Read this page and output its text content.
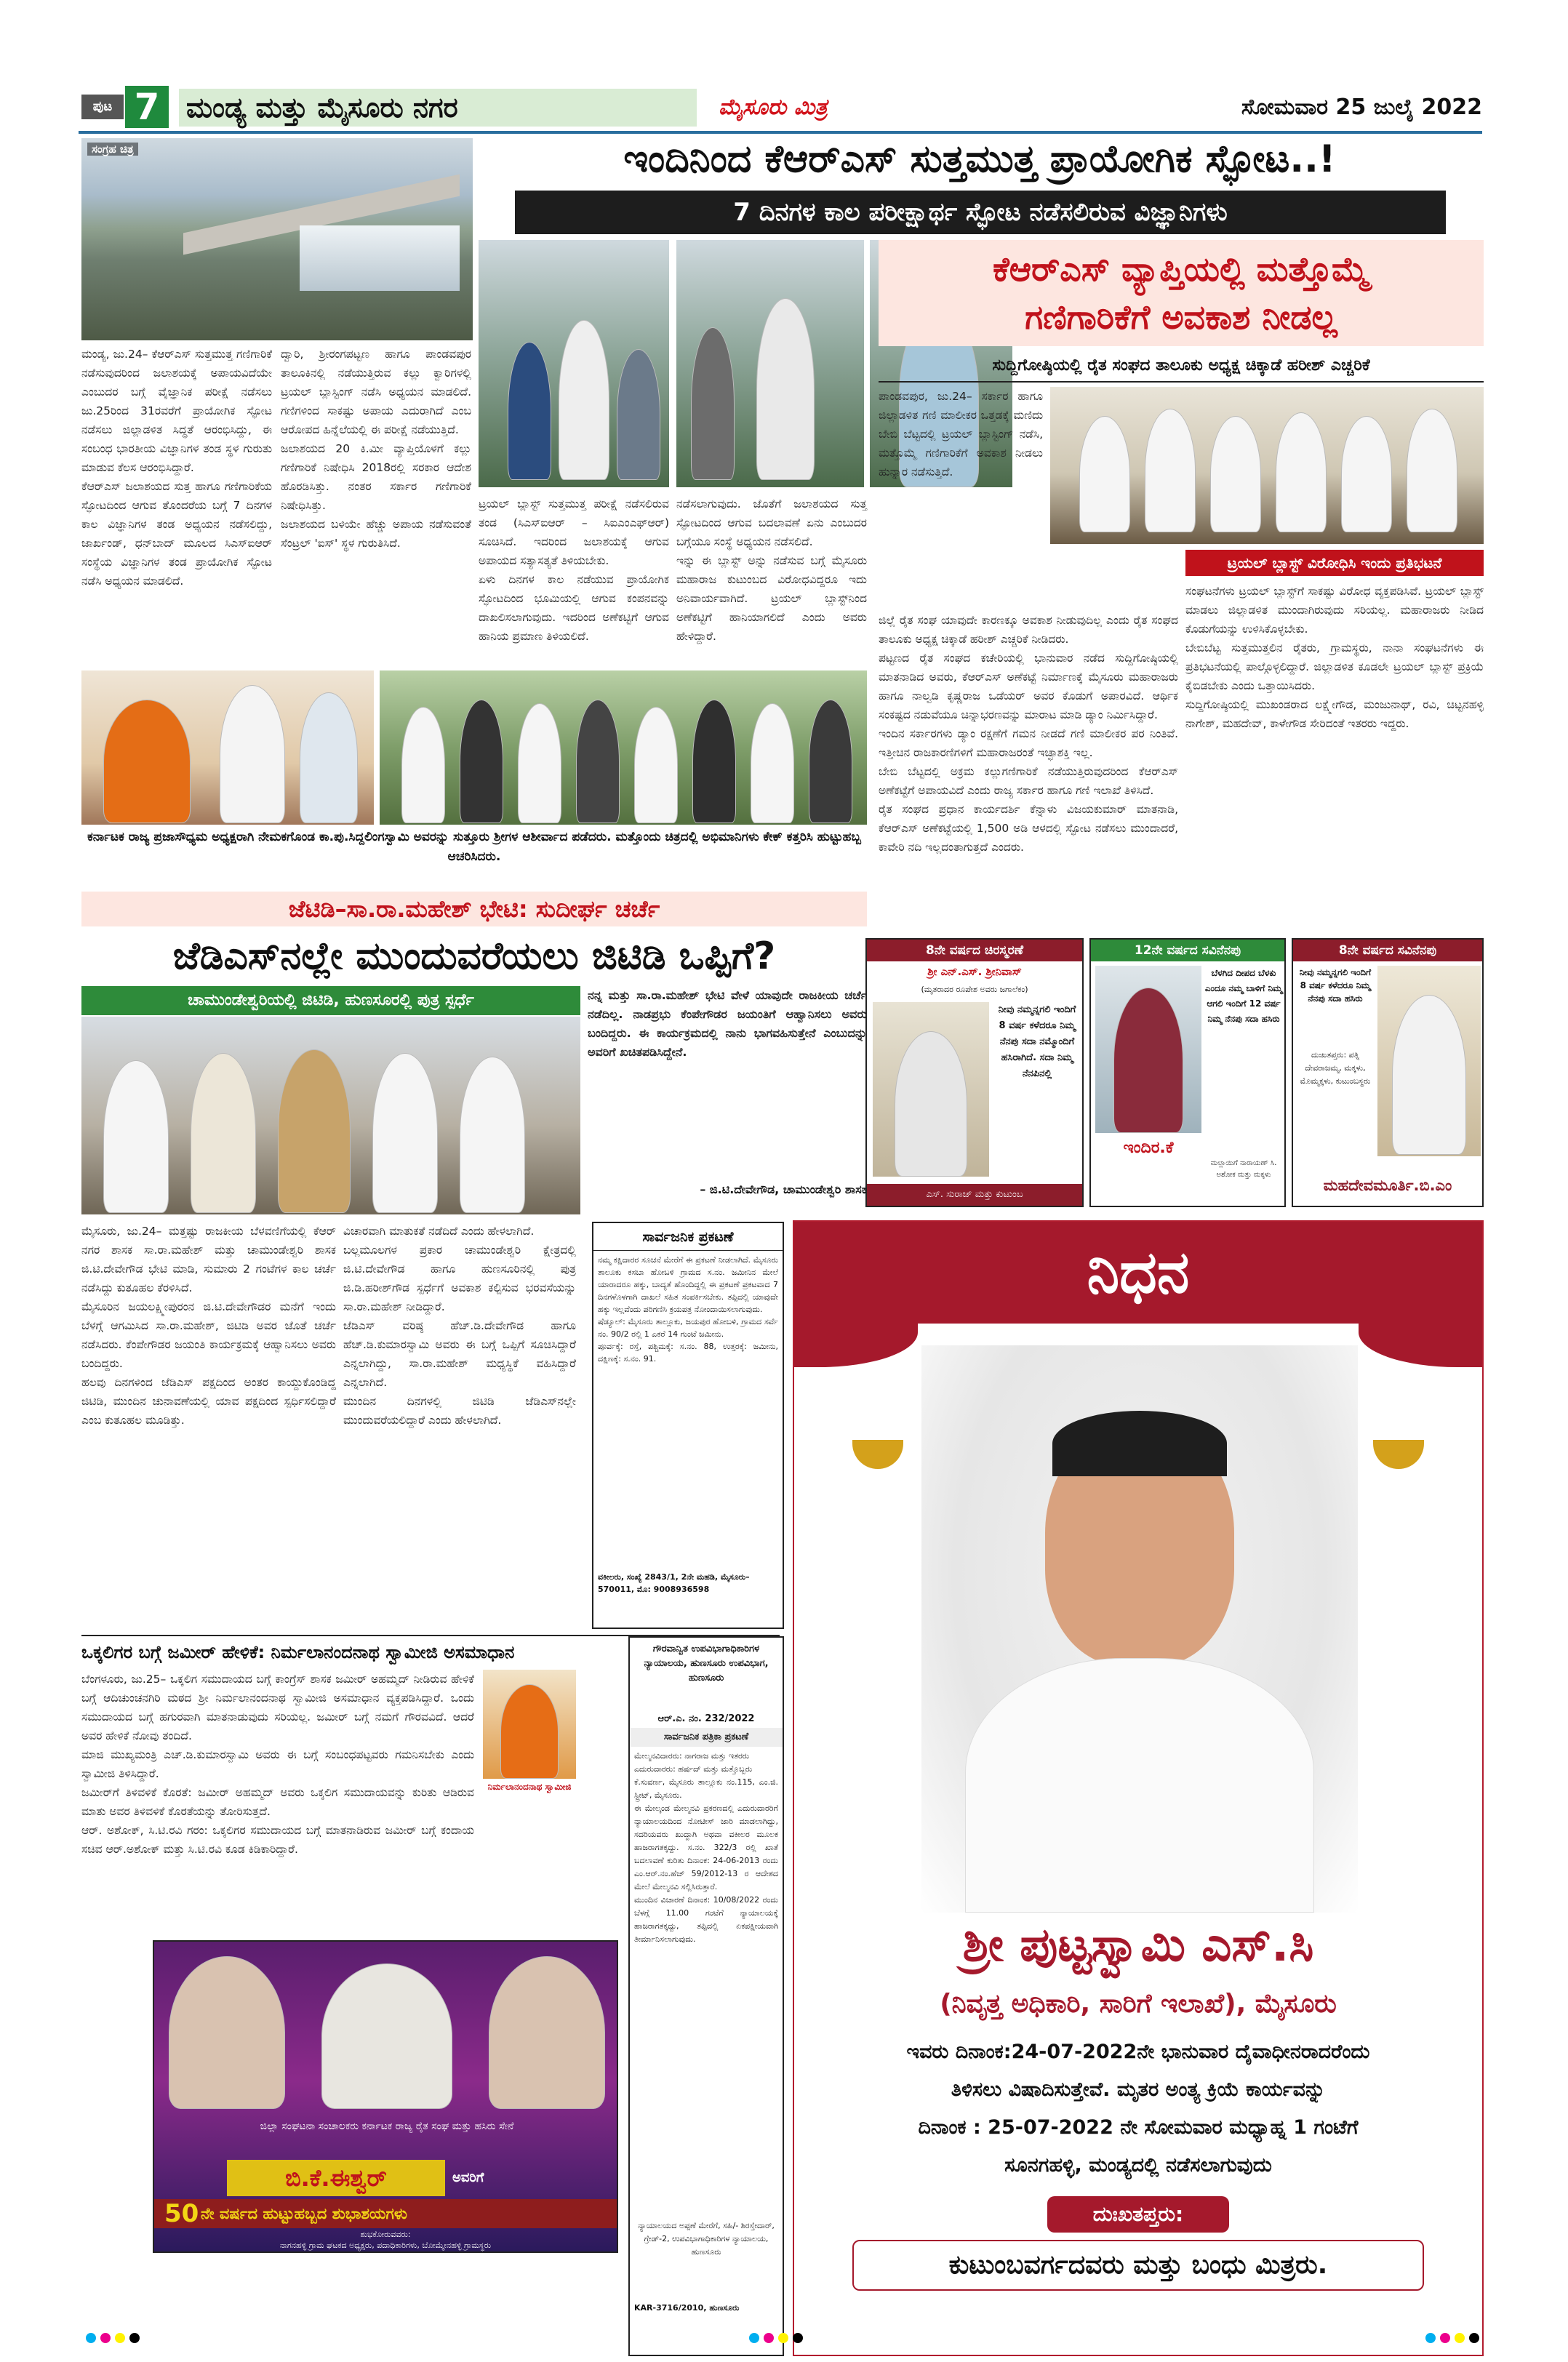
ಪುಟ 7 ಮಂಡ್ಯ ಮತ್ತು ಮೈಸೂರು ನಗರ	ಮೈಸೂರು ಮಿತ್ರ	ಸೋಮವಾರ 25 ಜುಲೈ 2022
ಸಂಗ್ರಹ ಚಿತ್ರ	ಇಂದಿನಿಂದ ಕೆಆರ್‌ಎಸ್ ಸುತ್ತಮುತ್ತ ಪ್ರಾಯೋಗಿಕ ಸ್ಫೋಟ..!
7 ದಿನಗಳ ಕಾಲ ಪರೀಕ್ಷಾರ್ಥ ಸ್ಫೋಟ ನಡೆಸಲಿರುವ ವಿಜ್ಞಾನಿಗಳು
ಮಂಡ್ಯ, ಜು.24– ಕೆಆರ್‌ಎಸ್ ಸುತ್ತಮುತ್ತ ಗಣಿಗಾರಿಕೆ ನಡೆಸುವುದರಿಂದ ಜಲಾಶಯಕ್ಕೆ ಅಪಾಯವಿದೆಯೇ ಎಂಬುದರ ಬಗ್ಗೆ ವೈಜ್ಞಾನಿಕ ಪರೀಕ್ಷೆ ನಡೆಸಲು ಜು.25ರಿಂದ 31ರವರೆಗೆ ಪ್ರಾಯೋಗಿಕ ಸ್ಫೋಟ ನಡೆಸಲು ಜಿಲ್ಲಾಡಳಿತ ಸಿದ್ಧತೆ ಆರಂಭಿಸಿದ್ದು, ಈ ಸಂಬಂಧ ಭಾರತೀಯ ವಿಜ್ಞಾನಿಗಳ ತಂಡ ಸ್ಥಳ ಗುರುತು ಮಾಡುವ ಕೆಲಸ ಆರಂಭಿಸಿದ್ದಾರೆ.
ಕೆಆರ್‌ಎಸ್ ಜಲಾಶಯದ ಸುತ್ತ ಹಾಗೂ ಗಣಿಗಾರಿಕೆಯ ಸ್ಫೋಟದಿಂದ ಆಗುವ ತೊಂದರೆಯ ಬಗ್ಗೆ 7 ದಿನಗಳ ಕಾಲ ವಿಜ್ಞಾನಿಗಳ ತಂಡ ಅಧ್ಯಯನ ನಡೆಸಲಿದ್ದು, ಜಾರ್ಖಂಡ್, ಧನ್‌ಬಾದ್ ಮೂಲದ ಸಿಎಸ್‌ಐಆರ್ ಸಂಸ್ಥೆಯ ವಿಜ್ಞಾನಿಗಳ ತಂಡ ಪ್ರಾಯೋಗಿಕ ಸ್ಫೋಟ ನಡೆಸಿ ಅಧ್ಯಯನ ಮಾಡಲಿದೆ.
ದ್ವಾರಿ, ಶ್ರೀರಂಗಪಟ್ಟಣ ಹಾಗೂ ಪಾಂಡವಪುರ ತಾಲೂಕಿನಲ್ಲಿ ನಡೆಯುತ್ತಿರುವ ಕಲ್ಲು ಕ್ವಾರಿಗಳಲ್ಲಿ ಟ್ರಯಲ್ ಬ್ಲಾಸ್ಟಿಂಗ್ ನಡೆಸಿ ಅಧ್ಯಯನ ಮಾಡಲಿದೆ. ಗಣಿಗಳಿಂದ ಸಾಕಷ್ಟು ಅಪಾಯ ಎದುರಾಗಿದೆ ಎಂಬ ಆರೋಪದ ಹಿನ್ನೆಲೆಯಲ್ಲಿ ಈ ಪರೀಕ್ಷೆ ನಡೆಯುತ್ತಿದೆ.
ಜಲಾಶಯದ 20 ಕಿ.ಮೀ ವ್ಯಾಪ್ತಿಯೊಳಗೆ ಕಲ್ಲು ಗಣಿಗಾರಿಕೆ ನಿಷೇಧಿಸಿ 2018ರಲ್ಲಿ ಸರಕಾರ ಆದೇಶ ಹೊರಡಿಸಿತ್ತು. ನಂತರ ಸರ್ಕಾರ ಗಣಿಗಾರಿಕೆ ನಿಷೇಧಿಸಿತ್ತು.
ಜಲಾಶಯದ ಬಳಿಯೇ ಹೆಚ್ಚು ಅಪಾಯ ನಡೆಸುವಂತೆ ಸೆಂಟ್ರಲ್ 'ಐಸ್' ಸ್ಥಳ ಗುರುತಿಸಿದೆ.
ಟ್ರಯಲ್ ಬ್ಲಾಸ್ಟ್ ಸುತ್ತಮುತ್ತ ಪರೀಕ್ಷೆ ನಡೆಸಲಿರುವ ತಂಡ (ಸಿಎಸ್‌ಐಆರ್ – ಸಿಐಎಂಎಫ್‌ಆರ್) ಸೂಚಿಸಿದೆ. ಇದರಿಂದ ಜಲಾಶಯಕ್ಕೆ ಆಗುವ ಅಪಾಯದ ಸತ್ಯಾಸತ್ಯತೆ ತಿಳಿಯಬೇಕು.
ಏಳು ದಿನಗಳ ಕಾಲ ನಡೆಯುವ ಪ್ರಾಯೋಗಿಕ ಸ್ಫೋಟದಿಂದ ಭೂಮಿಯಲ್ಲಿ ಆಗುವ ಕಂಪನವನ್ನು ದಾಖಲಿಸಲಾಗುವುದು. ಇದರಿಂದ ಅಣೆಕಟ್ಟಿಗೆ ಆಗುವ ಹಾನಿಯ ಪ್ರಮಾಣ ತಿಳಿಯಲಿದೆ.
ನಡೆಸಲಾಗುವುದು. ಜೊತೆಗೆ ಜಲಾಶಯದ ಸುತ್ತ ಸ್ಫೋಟದಿಂದ ಆಗುವ ಬದಲಾವಣೆ ಏನು ಎಂಬುದರ ಬಗ್ಗೆಯೂ ಸಂಸ್ಥೆ ಅಧ್ಯಯನ ನಡೆಸಲಿದೆ.
ಇನ್ನು ಈ ಬ್ಲಾಸ್ಟ್ ಅನ್ನು ನಡೆಸುವ ಬಗ್ಗೆ ಮೈಸೂರು ಮಹಾರಾಜ ಕುಟುಂಬದ ವಿರೋಧವಿದ್ದರೂ ಇದು ಅನಿವಾರ್ಯವಾಗಿದೆ. ಟ್ರಯಲ್ ಬ್ಲಾಸ್ಟ್‌ನಿಂದ ಅಣೆಕಟ್ಟಿಗೆ ಹಾನಿಯಾಗಲಿದೆ ಎಂದು ಅವರು ಹೇಳಿದ್ದಾರೆ.
ಕೆಆರ್‌ಎಸ್ ವ್ಯಾಪ್ತಿಯಲ್ಲಿ ಮತ್ತೊಮ್ಮೆ
ಗಣಿಗಾರಿಕೆಗೆ ಅವಕಾಶ ನೀಡಲ್ಲ
ಸುದ್ದಿಗೋಷ್ಠಿಯಲ್ಲಿ ರೈತ ಸಂಘದ ತಾಲೂಕು ಅಧ್ಯಕ್ಷ ಚಿಕ್ಕಾಡೆ ಹರೀಶ್ ಎಚ್ಚರಿಕೆ
ಪಾಂಡವಪುರ, ಜು.24– ಸರ್ಕಾರ ಹಾಗೂ ಜಿಲ್ಲಾಡಳಿತ ಗಣಿ ಮಾಲೀಕರ ಒತ್ತಡಕ್ಕೆ ಮಣಿದು ಬೇಬಿ ಬೆಟ್ಟದಲ್ಲಿ ಟ್ರಯಲ್ ಬ್ಲಾಸ್ಟಿಂಗ್ ನಡೆಸಿ, ಮತ್ತೊಮ್ಮೆ ಗಣಿಗಾರಿಕೆಗೆ ಅವಕಾಶ ನೀಡಲು ಹುನ್ನಾರ ನಡೆಸುತ್ತಿದೆ.
ಟ್ರಯಲ್ ಬ್ಲಾಸ್ಟ್ ವಿರೋಧಿಸಿ ಇಂದು ಪ್ರತಿಭಟನೆ
ಜಿಲ್ಲೆ ರೈತ ಸಂಘ ಯಾವುದೇ ಕಾರಣಕ್ಕೂ ಅವಕಾಶ ನೀಡುವುದಿಲ್ಲ ಎಂದು ರೈತ ಸಂಘದ ತಾಲೂಕು ಅಧ್ಯಕ್ಷ ಚಿಕ್ಕಾಡೆ ಹರೀಶ್ ಎಚ್ಚರಿಕೆ ನೀಡಿದರು.
ಪಟ್ಟಣದ ರೈತ ಸಂಘದ ಕಚೇರಿಯಲ್ಲಿ ಭಾನುವಾರ ನಡೆದ ಸುದ್ದಿಗೋಷ್ಠಿಯಲ್ಲಿ ಮಾತನಾಡಿದ ಅವರು, ಕೆಆರ್‌ಎಸ್ ಅಣೆಕಟ್ಟೆ ನಿರ್ಮಾಣಕ್ಕೆ ಮೈಸೂರು ಮಹಾರಾಜರು ಹಾಗೂ ನಾಲ್ವಡಿ ಕೃಷ್ಣರಾಜ ಒಡೆಯರ್ ಅವರ ಕೊಡುಗೆ ಅಪಾರವಿದೆ. ಆರ್ಥಿಕ ಸಂಕಷ್ಟದ ನಡುವೆಯೂ ಚಿನ್ನಾಭರಣವನ್ನು ಮಾರಾಟ ಮಾಡಿ ಡ್ಯಾಂ ನಿರ್ಮಿಸಿದ್ದಾರೆ.
ಇಂದಿನ ಸರ್ಕಾರಗಳು ಡ್ಯಾಂ ರಕ್ಷಣೆಗೆ ಗಮನ ನೀಡದೆ ಗಣಿ ಮಾಲೀಕರ ಪರ ನಿಂತಿವೆ. ಇತ್ತೀಚಿನ ರಾಜಕಾರಣಿಗಳಿಗೆ ಮಹಾರಾಜರಂತೆ ಇಚ್ಛಾಶಕ್ತಿ ಇಲ್ಲ.
ಬೇಬಿ ಬೆಟ್ಟದಲ್ಲಿ ಅಕ್ರಮ ಕಲ್ಲುಗಣಿಗಾರಿಕೆ ನಡೆಯುತ್ತಿರುವುದರಿಂದ ಕೆಆರ್‌ಎಸ್ ಅಣೆಕಟ್ಟೆಗೆ ಅಪಾಯವಿದೆ ಎಂದು ರಾಜ್ಯ ಸರ್ಕಾರ ಹಾಗೂ ಗಣಿ ಇಲಾಖೆ ತಿಳಿಸಿದೆ.
ರೈತ ಸಂಘದ ಪ್ರಧಾನ ಕಾರ್ಯದರ್ಶಿ ಕೆನ್ನಾಳು ವಿಜಯಕುಮಾರ್ ಮಾತನಾಡಿ, ಕೆಆರ್‌ಎಸ್ ಅಣೆಕಟ್ಟೆಯಲ್ಲಿ 1,500 ಅಡಿ ಆಳದಲ್ಲಿ ಸ್ಫೋಟ ನಡೆಸಲು ಮುಂದಾದರೆ, ಕಾವೇರಿ ನದಿ ಇಲ್ಲದಂತಾಗುತ್ತದೆ ಎಂದರು.
ಸಂಘಟನೆಗಳು ಟ್ರಯಲ್ ಬ್ಲಾಸ್ಟ್‌ಗೆ ಸಾಕಷ್ಟು ವಿರೋಧ ವ್ಯಕ್ತಪಡಿಸಿವೆ. ಟ್ರಯಲ್ ಬ್ಲಾಸ್ಟ್ ಮಾಡಲು ಜಿಲ್ಲಾಡಳಿತ ಮುಂದಾಗಿರುವುದು ಸರಿಯಲ್ಲ. ಮಹಾರಾಜರು ನೀಡಿದ ಕೊಡುಗೆಯನ್ನು ಉಳಿಸಿಕೊಳ್ಳಬೇಕು.
ಬೇಬಿಬೆಟ್ಟ ಸುತ್ತಮುತ್ತಲಿನ ರೈತರು, ಗ್ರಾಮಸ್ಥರು, ನಾನಾ ಸಂಘಟನೆಗಳು ಈ ಪ್ರತಿಭಟನೆಯಲ್ಲಿ ಪಾಲ್ಗೊಳ್ಳಲಿದ್ದಾರೆ. ಜಿಲ್ಲಾಡಳಿತ ಕೂಡಲೇ ಟ್ರಯಲ್ ಬ್ಲಾಸ್ಟ್ ಪ್ರಕ್ರಿಯೆ ಕೈಬಿಡಬೇಕು ಎಂದು ಒತ್ತಾಯಿಸಿದರು.
ಸುದ್ದಿಗೋಷ್ಠಿಯಲ್ಲಿ ಮುಖಂಡರಾದ ಲಕ್ಷ್ಮೇಗೌಡ, ಮಂಜುನಾಥ್, ರವಿ, ಚಿಟ್ಟನಹಳ್ಳಿ ನಾಗೇಶ್, ಮಹದೇವ್, ಕಾಳೇಗೌಡ ಸೇರಿದಂತೆ ಇತರರು ಇದ್ದರು.
ಕರ್ನಾಟಕ ರಾಜ್ಯ ಪ್ರಜಾಸೌಧ್ಯಮ ಅಧ್ಯಕ್ಷರಾಗಿ ನೇಮಕಗೊಂಡ ಕಾ.ಪು.ಸಿದ್ದಲಿಂಗಸ್ವಾಮಿ ಅವರನ್ನು ಸುತ್ತೂರು ಶ್ರೀಗಳ ಆಶೀರ್ವಾದ ಪಡೆದರು. ಮತ್ತೊಂದು ಚಿತ್ರದಲ್ಲಿ ಅಭಿಮಾನಿಗಳು ಕೇಕ್ ಕತ್ತರಿಸಿ ಹುಟ್ಟುಹಬ್ಬ ಆಚರಿಸಿದರು.
ಜೆಟಿಡಿ–ಸಾ.ರಾ.ಮಹೇಶ್ ಭೇಟಿ: ಸುದೀರ್ಘ ಚರ್ಚೆ
ಜೆಡಿಎಸ್‌ನಲ್ಲೇ ಮುಂದುವರೆಯಲು ಜಿಟಿಡಿ ಒಪ್ಪಿಗೆ?
ಚಾಮುಂಡೇಶ್ವರಿಯಲ್ಲಿ ಜಿಟಿಡಿ, ಹುಣಸೂರಲ್ಲಿ ಪುತ್ರ ಸ್ಪರ್ಧೆ	ನನ್ನ ಮತ್ತು ಸಾ.ರಾ.ಮಹೇಶ್ ಭೇಟಿ ವೇಳೆ ಯಾವುದೇ ರಾಜಕೀಯ ಚರ್ಚೆ ನಡೆದಿಲ್ಲ. ನಾಡಪ್ರಭು ಕೆಂಪೇಗೌಡರ ಜಯಂತಿಗೆ ಆಹ್ವಾನಿಸಲು ಅವರು ಬಂದಿದ್ದರು. ಈ ಕಾರ್ಯಕ್ರಮದಲ್ಲಿ ನಾನು ಭಾಗವಹಿಸುತ್ತೇನೆ ಎಂಬುದನ್ನು ಅವರಿಗೆ ಖಚಿತಪಡಿಸಿದ್ದೇನೆ.
– ಜಿ.ಟಿ.ದೇವೇಗೌಡ, ಚಾಮುಂಡೇಶ್ವರಿ ಶಾಸಕ
ಮೈಸೂರು, ಜು.24– ಮತ್ತಷ್ಟು ರಾಜಕೀಯ ಬೆಳವಣಿಗೆಯಲ್ಲಿ ಕೆಆರ್ ನಗರ ಶಾಸಕ ಸಾ.ರಾ.ಮಹೇಶ್ ಮತ್ತು ಚಾಮುಂಡೇಶ್ವರಿ ಶಾಸಕ ಜಿ.ಟಿ.ದೇವೇಗೌಡ ಭೇಟಿ ಮಾಡಿ, ಸುಮಾರು 2 ಗಂಟೆಗಳ ಕಾಲ ಚರ್ಚೆ ನಡೆಸಿದ್ದು ಕುತೂಹಲ ಕೆರಳಿಸಿದೆ.
ಮೈಸೂರಿನ ಜಯಲಕ್ಷ್ಮೀಪುರಂನ ಜಿ.ಟಿ.ದೇವೇಗೌಡರ ಮನೆಗೆ ಇಂದು ಬೆಳಗ್ಗೆ ಆಗಮಿಸಿದ ಸಾ.ರಾ.ಮಹೇಶ್, ಜಿಟಿಡಿ ಅವರ ಜೊತೆ ಚರ್ಚೆ ನಡೆಸಿದರು. ಕೆಂಪೇಗೌಡರ ಜಯಂತಿ ಕಾರ್ಯಕ್ರಮಕ್ಕೆ ಆಹ್ವಾನಿಸಲು ಅವರು ಬಂದಿದ್ದರು.
ಹಲವು ದಿನಗಳಿಂದ ಜೆಡಿಎಸ್ ಪಕ್ಷದಿಂದ ಅಂತರ ಕಾಯ್ದುಕೊಂಡಿದ್ದ ಜಿಟಿಡಿ, ಮುಂದಿನ ಚುನಾವಣೆಯಲ್ಲಿ ಯಾವ ಪಕ್ಷದಿಂದ ಸ್ಪರ್ಧಿಸಲಿದ್ದಾರೆ ಎಂಬ ಕುತೂಹಲ ಮೂಡಿತ್ತು.
ವಿಚಾರವಾಗಿ ಮಾತುಕತೆ ನಡೆದಿದೆ ಎಂದು ಹೇಳಲಾಗಿದೆ.
ಬಲ್ಲಮೂಲಗಳ ಪ್ರಕಾರ ಚಾಮುಂಡೇಶ್ವರಿ ಕ್ಷೇತ್ರದಲ್ಲಿ ಜಿ.ಟಿ.ದೇವೇಗೌಡ ಹಾಗೂ ಹುಣಸೂರಿನಲ್ಲಿ ಪುತ್ರ ಜಿ.ಡಿ.ಹರೀಶ್‌ಗೌಡ ಸ್ಪರ್ಧೆಗೆ ಅವಕಾಶ ಕಲ್ಪಿಸುವ ಭರವಸೆಯನ್ನು ಸಾ.ರಾ.ಮಹೇಶ್ ನೀಡಿದ್ದಾರೆ.
ಜೆಡಿಎಸ್ ವರಿಷ್ಠ ಹೆಚ್.ಡಿ.ದೇವೇಗೌಡ ಹಾಗೂ ಹೆಚ್.ಡಿ.ಕುಮಾರಸ್ವಾಮಿ ಅವರು ಈ ಬಗ್ಗೆ ಒಪ್ಪಿಗೆ ಸೂಚಿಸಿದ್ದಾರೆ ಎನ್ನಲಾಗಿದ್ದು, ಸಾ.ರಾ.ಮಹೇಶ್ ಮಧ್ಯಸ್ಥಿಕೆ ವಹಿಸಿದ್ದಾರೆ ಎನ್ನಲಾಗಿದೆ.
ಮುಂದಿನ ದಿನಗಳಲ್ಲಿ ಜಿಟಿಡಿ ಜೆಡಿಎಸ್‌ನಲ್ಲೇ ಮುಂದುವರೆಯಲಿದ್ದಾರೆ ಎಂದು ಹೇಳಲಾಗಿದೆ.
8ನೇ ವರ್ಷದ ಚಿರಸ್ಮರಣೆ
ಶ್ರೀ ಎನ್.ಎಸ್. ಶ್ರೀನಿವಾಸ್
(ಮೃತರಾದರ ರೂಪೇಶ ಅವರು ಜಗಾಲೆಕಂ)
ನೀವು ನಮ್ಮನ್ನಗಲಿ ಇಂದಿಗೆ 8 ವರ್ಷ ಕಳೆದರೂ ನಿಮ್ಮ ನೆನಪು ಸದಾ ನಮ್ಮೊಂದಿಗೆ ಹಸಿರಾಗಿದೆ. ಸದಾ ನಿಮ್ಮ ನೆನಪಿನಲ್ಲಿ
ಎಸ್. ಸುರಾಜ್ ಮತ್ತು ಕುಟುಂಬ
12ನೇ ವರ್ಷದ ಸವಿನೆನಪು
ಬೆಳಗಿದ ದೀಪದ ಬೆಳಕು ಎಂದೂ ನಮ್ಮ ಬಾಳಿಗೆ ನಿಮ್ಮ ಆಗಲಿ ಇಂದಿಗೆ 12 ವರ್ಷ ನಿಮ್ಮ ನೆನಪು ಸದಾ ಹಸಿರು
ಇಂದಿರ.ಕೆ
ಮಲ್ಲಾಯಿಗೆ ನಾರಾಯಣ್ ಸಿ. ಅಶೋಕ ಮತ್ತು ಮಕ್ಕಳು
8ನೇ ವರ್ಷದ ಸವಿನೆನಪು
ನೀವು ನಮ್ಮನ್ನಗಲಿ ಇಂದಿಗೆ 8 ವರ್ಷ ಕಳೆದರೂ ನಿಮ್ಮ ನೆನಪು ಸದಾ ಹಸಿರು
ದುಃಖತಪ್ತರು: ಪತ್ನಿ ದೇವರಾಜಮ್ಮ, ಮಕ್ಕಳು, ಮೊಮ್ಮಕ್ಕಳು, ಕುಟುಂಬಸ್ಥರು
ಮಹದೇವಮೂರ್ತಿ.ಬಿ.ಎಂ
ಒಕ್ಕಲಿಗರ ಬಗ್ಗೆ ಜಮೀರ್ ಹೇಳಿಕೆ: ನಿರ್ಮಲಾನಂದನಾಥ ಸ್ವಾಮೀಜಿ ಅಸಮಾಧಾನ
ಬೆಂಗಳೂರು, ಜು.25– ಒಕ್ಕಲಿಗ ಸಮುದಾಯದ ಬಗ್ಗೆ ಕಾಂಗ್ರೆಸ್ ಶಾಸಕ ಜಮೀರ್ ಅಹಮ್ಮದ್ ನೀಡಿರುವ ಹೇಳಿಕೆ ಬಗ್ಗೆ ಆದಿಚುಂಚನಗಿರಿ ಮಠದ ಶ್ರೀ ನಿರ್ಮಲಾನಂದನಾಥ ಸ್ವಾಮೀಜಿ ಅಸಮಾಧಾನ ವ್ಯಕ್ತಪಡಿಸಿದ್ದಾರೆ. ಒಂದು ಸಮುದಾಯದ ಬಗ್ಗೆ ಹಗುರವಾಗಿ ಮಾತನಾಡುವುದು ಸರಿಯಲ್ಲ. ಜಮೀರ್ ಬಗ್ಗೆ ನಮಗೆ ಗೌರವವಿದೆ. ಆದರೆ ಅವರ ಹೇಳಿಕೆ ನೋವು ತಂದಿದೆ.
ಮಾಜಿ ಮುಖ್ಯಮಂತ್ರಿ ಎಚ್.ಡಿ.ಕುಮಾರಸ್ವಾಮಿ ಅವರು ಈ ಬಗ್ಗೆ ಸಂಬಂಧಪಟ್ಟವರು ಗಮನಿಸಬೇಕು ಎಂದು ಸ್ವಾಮೀಜಿ ತಿಳಿಸಿದ್ದಾರೆ.
ಜಮೀರ್‌ಗೆ ತಿಳಿವಳಿಕೆ ಕೊರತೆ: ಜಮೀರ್ ಅಹಮ್ಮದ್ ಅವರು ಒಕ್ಕಲಿಗ ಸಮುದಾಯವನ್ನು ಕುರಿತು ಆಡಿರುವ ಮಾತು ಅವರ ತಿಳಿವಳಿಕೆ ಕೊರತೆಯನ್ನು ತೋರಿಸುತ್ತದೆ.
ಆರ್. ಅಶೋಕ್, ಸಿ.ಟಿ.ರವಿ ಗರಂ: ಒಕ್ಕಲಿಗರ ಸಮುದಾಯದ ಬಗ್ಗೆ ಮಾತನಾಡಿರುವ ಜಮೀರ್ ಬಗ್ಗೆ ಕಂದಾಯ ಸಚಿವ ಆರ್.ಅಶೋಕ್ ಮತ್ತು ಸಿ.ಟಿ.ರವಿ ಕೂಡ ಕಿಡಿಕಾರಿದ್ದಾರೆ.
ನಿರ್ಮಲಾನಂದನಾಥ ಸ್ವಾಮೀಜಿ
ಜಿಲ್ಲಾ ಸಂಘಟನಾ ಸಂಚಾಲಕರು ಕರ್ನಾಟಕ ರಾಜ್ಯ ರೈತ ಸಂಘ ಮತ್ತು ಹಸಿರು ಸೇನೆ
ಬಿ.ಕೆ.ಈಶ್ವರ್	ಅವರಿಗೆ
50 ನೇ ವರ್ಷದ ಹುಟ್ಟುಹಬ್ಬದ ಶುಭಾಶಯಗಳು
ಶುಭಕೋರುವವರು:
ನಾಗನಹಳ್ಳಿ ಗ್ರಾಮ ಘಟಕದ ಅಧ್ಯಕ್ಷರು, ಪದಾಧಿಕಾರಿಗಳು, ಬೋಮ್ಮೇನಹಳ್ಳಿ ಗ್ರಾಮಸ್ಥರು
ಸಾರ್ವಜನಿಕ ಪ್ರಕಟಣೆ
ನಮ್ಮ ಕಕ್ಷಿದಾರರ ಸೂಚನೆ ಮೇರೆಗೆ ಈ ಪ್ರಕಟಣೆ ನೀಡಲಾಗಿದೆ. ಮೈಸೂರು ತಾಲೂಕು ಕಸಬಾ ಹೋಬಳಿ ಗ್ರಾಮದ ಸ.ನಂ. ಜಮೀನಿನ ಮೇಲೆ ಯಾರಾದರೂ ಹಕ್ಕು, ಬಾದ್ಯತೆ ಹೊಂದಿದ್ದಲ್ಲಿ ಈ ಪ್ರಕಟಣೆ ಪ್ರಕಟವಾದ 7 ದಿನಗಳೊಳಗಾಗಿ ದಾಖಲೆ ಸಹಿತ ಸಂಪರ್ಕಿಸಬೇಕು. ತಪ್ಪಿದಲ್ಲಿ ಯಾವುದೇ ಹಕ್ಕು ಇಲ್ಲವೆಂದು ಪರಿಗಣಿಸಿ ಕ್ರಯಪತ್ರ ನೋಂದಾಯಿಸಲಾಗುವುದು.
ಷೆಡ್ಯೂಲ್: ಮೈಸೂರು ತಾಲ್ಲೂಕು, ಜಯಪುರ ಹೋಬಳಿ, ಗ್ರಾಮದ ಸರ್ವೆ ನಂ. 90/2 ರಲ್ಲಿ 1 ಎಕರೆ 14 ಗುಂಟೆ ಜಮೀನು.
ಪೂರ್ವಕ್ಕೆ: ರಸ್ತೆ, ಪಶ್ಚಿಮಕ್ಕೆ: ಸ.ನಂ. 88, ಉತ್ತರಕ್ಕೆ: ಜಮೀನು, ದಕ್ಷಿಣಕ್ಕೆ: ಸ.ನಂ. 91.
ವಕೀಲರು, ಸಂಖ್ಯೆ 2843/1, 2ನೇ ಮಹಡಿ, ಮೈಸೂರು–570011, ಮೊ: 9008936598
ಗೌರವಾನ್ವಿತ ಉಪವಿಭಾಗಾಧಿಕಾರಿಗಳ ನ್ಯಾಯಾಲಯ, ಹುಣಸೂರು ಉಪವಿಭಾಗ, ಹುಣಸೂರು
ಆರ್.ಎ. ನಂ. 232/2022
ಸಾರ್ವಜನಿಕ ಪತ್ರಿಕಾ ಪ್ರಕಟಣೆ
ಮೇಲ್ಮನವಿದಾರರು: ನಾಗರಾಜ ಮತ್ತು ಇತರರು
ಎದುರುದಾರರು: ಹರ್ಷದ್ ಮತ್ತು ಮತ್ತೊಬ್ಬರು
ಕೆ.ಸುವರ್ಣ, ಮೈಸೂರು ತಾಲ್ಲೂಕು ನಂ.115, ಎಂ.ಜಿ. ಸ್ಟ್ರೀಟ್, ಮೈಸೂರು.
ಈ ಮೇಲ್ಕಂಡ ಮೇಲ್ಮನವಿ ಪ್ರಕರಣದಲ್ಲಿ ಎದುರುದಾರರಿಗೆ ನ್ಯಾಯಾಲಯದಿಂದ ನೋಟೀಸ್ ಜಾರಿ ಮಾಡಲಾಗಿದ್ದು, ಸದರಿಯವರು ಖುದ್ದಾಗಿ ಅಥವಾ ವಕೀಲರ ಮೂಲಕ ಹಾಜರಾಗತಕ್ಕದ್ದು. ಸ.ನಂ. 322/3 ರಲ್ಲಿ ಖಾತೆ ಬದಲಾವಣೆ ಕುರಿತು ದಿನಾಂಕ: 24-06-2013 ರಂದು ಎಂ.ಆರ್.ನಂ.ಹೆಚ್ 59/2012-13 ರ ಆದೇಶದ ಮೇಲೆ ಮೇಲ್ಮನವಿ ಸಲ್ಲಿಸಿರುತ್ತಾರೆ.
ಮುಂದಿನ ವಿಚಾರಣೆ ದಿನಾಂಕ: 10/08/2022 ರಂದು ಬೆಳಗ್ಗೆ 11.00 ಗಂಟೆಗೆ ನ್ಯಾಯಾಲಯಕ್ಕೆ ಹಾಜರಾಗತಕ್ಕದ್ದು, ತಪ್ಪಿದಲ್ಲಿ ಏಕಪಕ್ಷೀಯವಾಗಿ ತೀರ್ಮಾನಿಸಲಾಗುವುದು.
ನ್ಯಾಯಾಲಯದ ಅಪ್ಪಣೆ ಮೇರೆಗೆ, ಸಹಿ/- ಶಿರಸ್ತೇದಾರ್, ಗ್ರೇಡ್-2, ಉಪವಿಭಾಗಾಧಿಕಾರಿಗಳ ನ್ಯಾಯಾಲಯ, ಹುಣಸೂರು
KAR-3716/2010, ಹುಣಸೂರು
ನಿಧನ
ಶ್ರೀ ಪುಟ್ಟಸ್ವಾಮಿ ಎಸ್.ಸಿ
(ನಿವೃತ್ತ ಅಧಿಕಾರಿ, ಸಾರಿಗೆ ಇಲಾಖೆ), ಮೈಸೂರು
ಇವರು ದಿನಾಂಕ:24-07-2022ನೇ ಭಾನುವಾರ ದೈವಾಧೀನರಾದರೆಂದು
ತಿಳಿಸಲು ವಿಷಾದಿಸುತ್ತೇವೆ. ಮೃತರ ಅಂತ್ಯ ಕ್ರಿಯೆ ಕಾರ್ಯವನ್ನು
ದಿನಾಂಕ : 25-07-2022 ನೇ ಸೋಮವಾರ ಮಧ್ಯಾಹ್ನ 1 ಗಂಟೆಗೆ
ಸೂನಗಹಳ್ಳಿ, ಮಂಡ್ಯದಲ್ಲಿ ನಡೆಸಲಾಗುವುದು
ದುಃಖತಪ್ತರು:
ಕುಟುಂಬವರ್ಗದವರು ಮತ್ತು ಬಂಧು ಮಿತ್ರರು.
